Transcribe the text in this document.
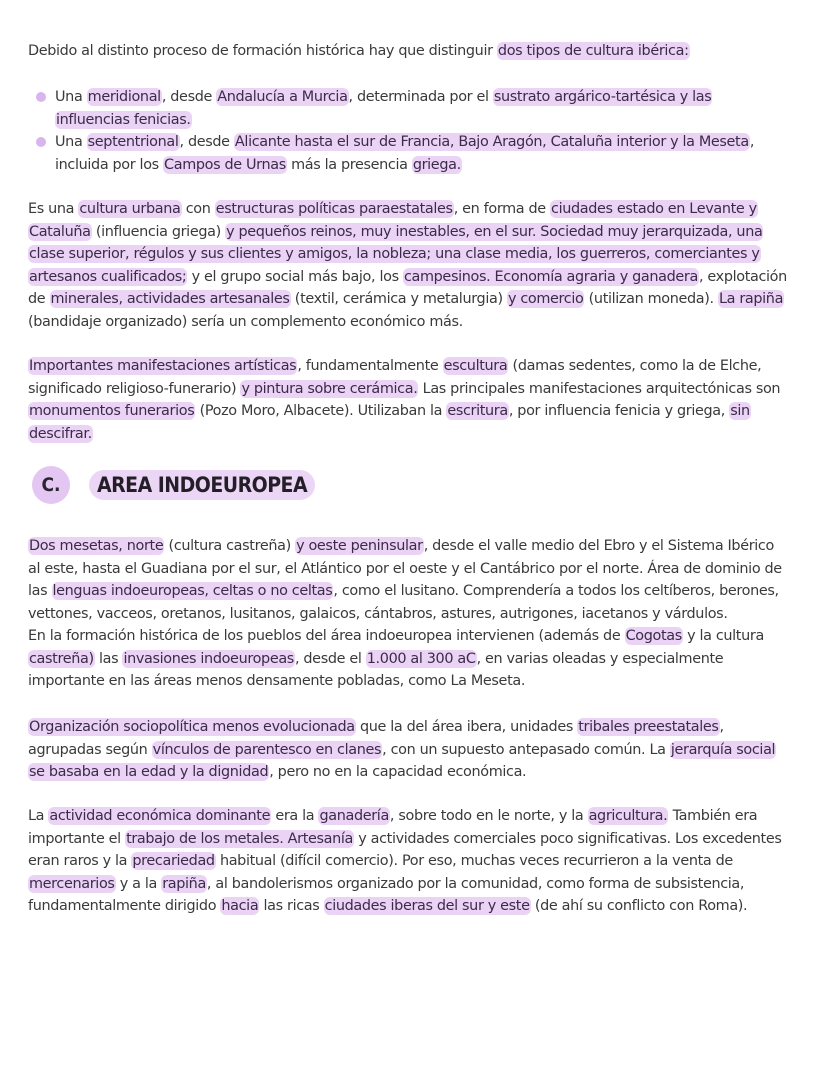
Debido al distinto proceso de formación histórica hay que distinguir dos tipos de cultura ibérica:

Una meridional, desde Andalucía a Murcia, determinada por el sustrato argárico-tartésica y las influencias fenicias.
Una septentrional, desde Alicante hasta el sur de Francia, Bajo Aragón, Cataluña interior y la Meseta, incluida por los Campos de Urnas más la presencia griega.

Es una cultura urbana con estructuras políticas paraestatales, en forma de ciudades estado en Levante y Cataluña (influencia griega) y pequeños reinos, muy inestables, en el sur. Sociedad muy jerarquizada, una clase superior, régulos y sus clientes y amigos, la nobleza; una clase media, los guerreros, comerciantes y artesanos cualificados; y el grupo social más bajo, los campesinos. Economía agraria y ganadera, explotación de minerales, actividades artesanales (textil, cerámica y metalurgia) y comercio (utilizan moneda). La rapiña (bandidaje organizado) sería un complemento económico más.

Importantes manifestaciones artísticas, fundamentalmente escultura (damas sedentes, como la de Elche, significado religioso-funerario) y pintura sobre cerámica. Las principales manifestaciones arquitectónicas son monumentos funerarios (Pozo Moro, Albacete). Utilizaban la escritura, por influencia fenicia y griega, sin descifrar.

C.	AREA INDOEUROPEA

Dos mesetas, norte (cultura castreña) y oeste peninsular, desde el valle medio del Ebro y el Sistema Ibérico al este, hasta el Guadiana por el sur, el Atlántico por el oeste y el Cantábrico por el norte. Área de dominio de las lenguas indoeuropeas, celtas o no celtas, como el lusitano. Comprendería a todos los celtíberos, berones, vettones, vacceos, oretanos, lusitanos, galaicos, cántabros, astures, autrigones, iacetanos y várdulos.
En la formación histórica de los pueblos del área indoeuropea intervienen (además de Cogotas y la cultura castreña) las invasiones indoeuropeas, desde el 1.000 al 300 aC, en varias oleadas y especialmente importante en las áreas menos densamente pobladas, como La Meseta.

Organización sociopolítica menos evolucionada que la del área ibera, unidades tribales preestatales, agrupadas según vínculos de parentesco en clanes, con un supuesto antepasado común. La jerarquía social se basaba en la edad y la dignidad, pero no en la capacidad económica.

La actividad económica dominante era la ganadería, sobre todo en le norte, y la agricultura. También era importante el trabajo de los metales. Artesanía y actividades comerciales poco significativas. Los excedentes eran raros y la precariedad habitual (difícil comercio). Por eso, muchas veces recurrieron a la venta de mercenarios y a la rapiña, al bandolerismos organizado por la comunidad, como forma de subsistencia, fundamentalmente dirigido hacia las ricas ciudades iberas del sur y este (de ahí su conflicto con Roma).
